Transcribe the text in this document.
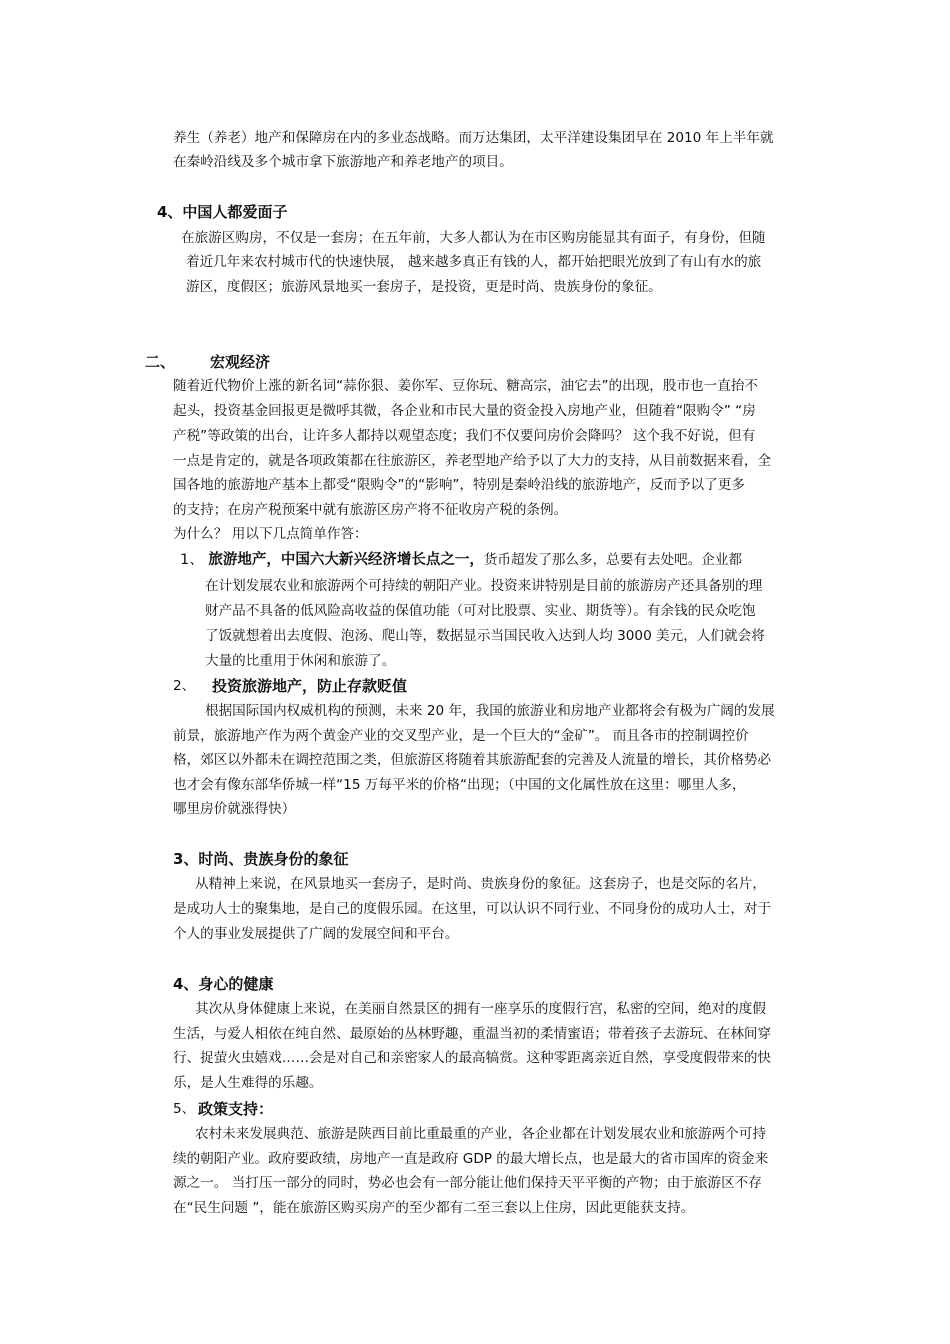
养生（养老）地产和保障房在内的多业态战略。而万达集团，太平洋建设集团早在 2010 年上半年就
在秦岭沿线及多个城市拿下旅游地产和养老地产的项目。
4、中国人都爱面子
在旅游区购房，不仅是一套房；在五年前，大多人都认为在市区购房能显其有面子，有身份，但随
着近几年来农村城市代的快速快展， 越来越多真正有钱的人，都开始把眼光放到了有山有水的旅
游区，度假区；旅游风景地买一套房子，是投资，更是时尚、贵族身份的象征。
二、 宏观经济
随着近代物价上涨的新名词“蒜你狠、姜你军、豆你玩、糖高宗，油它去”的出现，股市也一直抬不
起头，投资基金回报更是微呼其微，各企业和市民大量的资金投入房地产业，但随着“限购令” “房
产税”等政策的出台，让许多人都持以观望态度；我们不仅要问房价会降吗？ 这个我不好说，但有
一点是肯定的，就是各项政策都在往旅游区，养老型地产给予以了大力的支持，从目前数据来看，全
国各地的旅游地产基本上都受“限购令”的“影响”，特别是秦岭沿线的旅游地产，反而予以了更多
的支持；在房产税预案中就有旅游区房产将不征收房产税的条例。
为什么？ 用以下几点简单作答：
1、 旅游地产，中国六大新兴经济增长点之一，货币超发了那么多，总要有去处吧。企业都
在计划发展农业和旅游两个可持续的朝阳产业。投资来讲特别是目前的旅游房产还具备别的理
财产品不具备的低风险高收益的保值功能（可对比股票、实业、期货等）。有余钱的民众吃饱
了饭就想着出去度假、泡汤、爬山等，数据显示当国民收入达到人均 3000 美元，人们就会将
大量的比重用于休闲和旅游了。
2、 投资旅游地产，防止存款贬值
根据国际国内权威机构的预测，未来 20 年，我国的旅游业和房地产业都将会有极为广阔的发展
前景，旅游地产作为两个黄金产业的交叉型产业，是一个巨大的“金矿”。 而且各市的控制调控价
格，郊区以外都未在调控范围之类，但旅游区将随着其旅游配套的完善及人流量的增长，其价格势必
也才会有像东部华侨城一样“15 万每平米的价格“出现；（中国的文化属性放在这里：哪里人多，
哪里房价就涨得快）
3、时尚、贵族身份的象征
从精神上来说，在风景地买一套房子，是时尚、贵族身份的象征。这套房子，也是交际的名片，
是成功人士的聚集地，是自己的度假乐园。在这里，可以认识不同行业、不同身份的成功人士，对于
个人的事业发展提供了广阔的发展空间和平台。
4、身心的健康
其次从身体健康上来说，在美丽自然景区的拥有一座享乐的度假行宫，私密的空间，绝对的度假
生活，与爱人相依在纯自然、最原始的丛林野趣，重温当初的柔情蜜语；带着孩子去游玩、在林间穿
行、捉萤火虫嬉戏……会是对自己和亲密家人的最高犒赏。这种零距离亲近自然，享受度假带来的快
乐，是人生难得的乐趣。
5、 政策支持：
农村未来发展典范、旅游是陕西目前比重最重的产业，各企业都在计划发展农业和旅游两个可持
续的朝阳产业。政府要政绩，房地产一直是政府 GDP 的最大增长点，也是最大的省市国库的资金来
源之一。 当打压一部分的同时，势必也会有一部分能让他们保持天平平衡的产物；由于旅游区不存
在“民生问题 ”，能在旅游区购买房产的至少都有二至三套以上住房，因此更能获支持。
